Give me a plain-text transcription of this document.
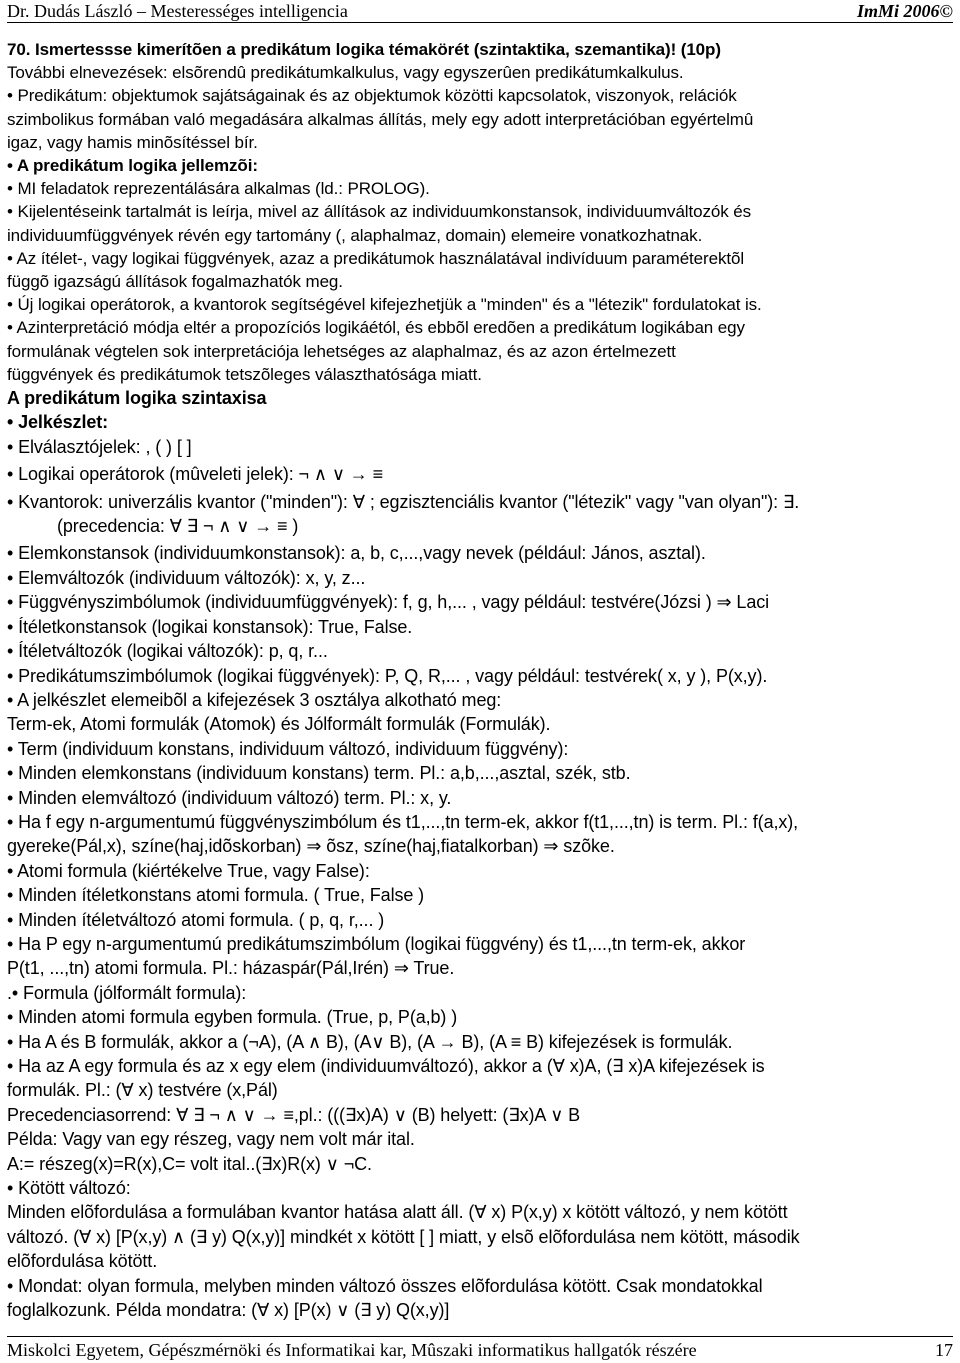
Dr. Dudás László – Mesterességes intelligencia	ImMi 2006©

70. Ismertessse kimerítõen a predikátum logika témakörét (szintaktika, szemantika)! (10p)

További elnevezések: elsõrendû predikátumkalkulus, vagy egyszerûen predikátumkalkulus.

• Predikátum: objektumok sajátságainak és az objektumok közötti kapcsolatok, viszonyok, relációk

szimbolikus formában való megadására alkalmas állítás, mely egy adott interpretációban egyértelmû

igaz, vagy hamis minõsítéssel bír.

• A predikátum logika jellemzõi:

• MI feladatok reprezentálására alkalmas (ld.: PROLOG).

• Kijelentéseink tartalmát is leírja, mivel az állítások az individuumkonstansok, individuumváltozók és

individuumfüggvények révén egy tartomány (, alaphalmaz, domain) elemeire vonatkozhatnak.

• Az ítélet-, vagy logikai függvények, azaz a predikátumok használatával indivíduum paraméterektõl

függõ igazságú állítások fogalmazhatók meg.

• Új logikai operátorok, a kvantorok segítségével kifejezhetjük a "minden" és a "létezik" fordulatokat is.

• Azinterpretáció módja eltér a propozíciós logikáétól, és ebbõl eredõen a predikátum logikában egy

formulának végtelen sok interpretációja lehetséges az alaphalmaz, és az azon értelmezett

függvények és predikátumok tetszõleges választhatósága miatt.

A predikátum logika szintaxisa

• Jelkészlet:

• Elválasztójelek: , ( ) [ ]

• Logikai operátorok (mûveleti jelek): ¬ ∧ ∨ → ≡

• Kvantorok: univerzális kvantor ("minden"): ∀ ; egzisztenciális kvantor ("létezik" vagy "van olyan"): ∃.

(precedencia: ∀ ∃ ¬ ∧ ∨ → ≡ )

• Elemkonstansok (individuumkonstansok): a, b, c,...,vagy nevek (például: János, asztal).

• Elemváltozók (individuum változók): x, y, z...

• Függvényszimbólumok (individuumfüggvények): f, g, h,... , vagy például: testvére(Józsi ) ⇒ Laci

• Ítéletkonstansok (logikai konstansok): True, False.

• Ítéletváltozók (logikai változók): p, q, r...

• Predikátumszimbólumok (logikai függvények): P, Q, R,... , vagy például: testvérek( x, y ), P(x,y).

• A jelkészlet elemeibõl a kifejezések 3 osztálya alkotható meg:

Term-ek, Atomi formulák (Atomok) és Jólformált formulák (Formulák).

• Term (individuum konstans, individuum változó, individuum függvény):

• Minden elemkonstans (individuum konstans) term. Pl.: a,b,...,asztal, szék, stb.

• Minden elemváltozó (individuum változó) term. Pl.: x, y.

• Ha f egy n-argumentumú függvényszimbólum és t1,...,tn term-ek, akkor f(t1,...,tn) is term. Pl.: f(a,x),

gyereke(Pál,x), színe(haj,idõskorban) ⇒ õsz, színe(haj,fiatalkorban) ⇒ szõke.

• Atomi formula (kiértékelve True, vagy False):

• Minden ítéletkonstans atomi formula. ( True, False )

• Minden ítéletváltozó atomi formula. ( p, q, r,... )

• Ha P egy n-argumentumú predikátumszimbólum (logikai függvény) és t1,...,tn term-ek, akkor

P(t1, ...,tn) atomi formula. Pl.: házaspár(Pál,Irén) ⇒ True.

.• Formula (jólformált formula):

• Minden atomi formula egyben formula. (True, p, P(a,b) )

• Ha A és B formulák, akkor a (¬A), (A ∧ B), (A∨ B), (A → B), (A ≡ B) kifejezések is formulák.

• Ha az A egy formula és az x egy elem (individuumváltozó), akkor a (∀ x)A, (∃ x)A kifejezések is

formulák. Pl.: (∀ x) testvére (x,Pál)

Precedenciasorrend: ∀ ∃ ¬ ∧ ∨ → ≡,pl.: (((∃x)A) ∨ (B) helyett: (∃x)A ∨ B

Példa: Vagy van egy részeg, vagy nem volt már ital.

A:= részeg(x)=R(x),C= volt ital..(∃x)R(x) ∨ ¬C.

• Kötött változó:

Minden elõfordulása a formulában kvantor hatása alatt áll. (∀ x) P(x,y) x kötött változó, y nem kötött

változó. (∀ x) [P(x,y) ∧ (∃ y) Q(x,y)] mindkét x kötött [ ] miatt, y elsõ elõfordulása nem kötött, második

elõfordulása kötött.

• Mondat: olyan formula, melyben minden változó összes elõfordulása kötött. Csak mondatokkal

foglalkozunk. Példa mondatra: (∀ x) [P(x) ∨ (∃ y) Q(x,y)]

Miskolci Egyetem, Gépészmérnöki és Informatikai kar, Mûszaki informatikus hallgatók részére	17
